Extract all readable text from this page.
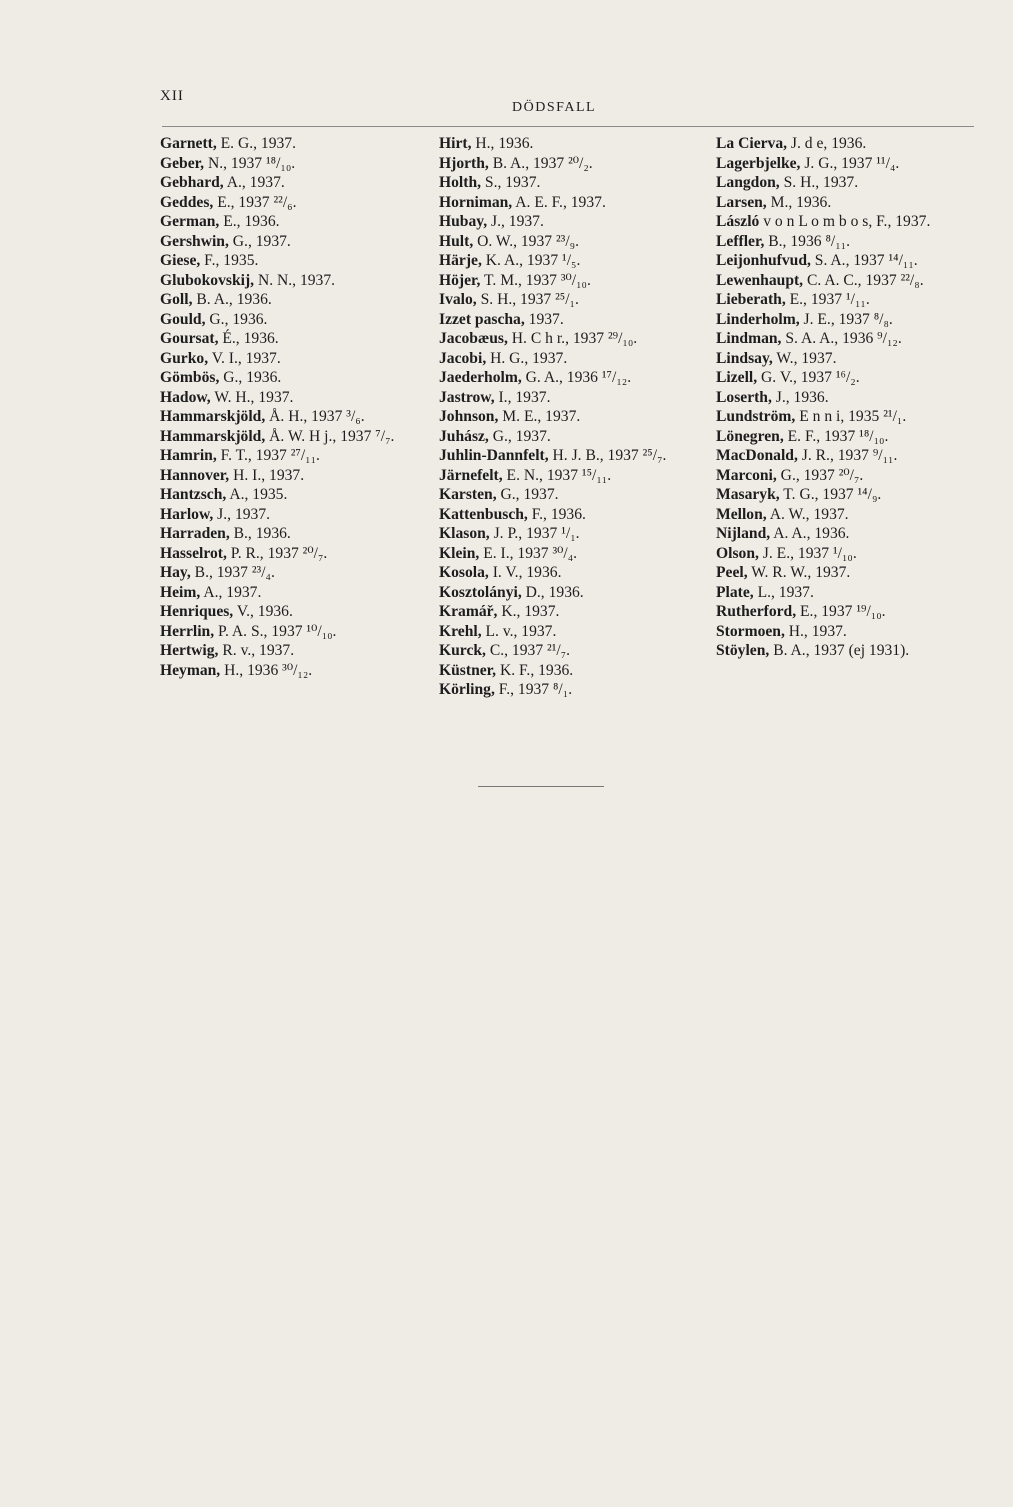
XII
DÖDSFALL

Garnett, E. G., 1937.

Geber, N., 1937 ¹⁸/₁₀.

Gebhard, A., 1937.

Geddes, E., 1937 ²²/₆.

German, E., 1936.

Gershwin, G., 1937.

Giese, F., 1935.

Glubokovskij, N. N., 1937.

Goll, B. A., 1936.

Gould, G., 1936.

Goursat, É., 1936.

Gurko, V. I., 1937.

Gömbös, G., 1936.

Hadow, W. H., 1937.

Hammarskjöld, Å. H., 1937 ³/₆.

Hammarskjöld, Å. W. H j., 1937 ⁷/₇.

Hamrin, F. T., 1937 ²⁷/₁₁.

Hannover, H. I., 1937.

Hantzsch, A., 1935.

Harlow, J., 1937.

Harraden, B., 1936.

Hasselrot, P. R., 1937 ²⁰/₇.

Hay, B., 1937 ²³/₄.

Heim, A., 1937.

Henriques, V., 1936.

Herrlin, P. A. S., 1937 ¹⁰/₁₀.

Hertwig, R. v., 1937.

Heyman, H., 1936 ³⁰/₁₂.

Hirt, H., 1936.

Hjorth, B. A., 1937 ²⁰/₂.

Holth, S., 1937.

Horniman, A. E. F., 1937.

Hubay, J., 1937.

Hult, O. W., 1937 ²³/₉.

Härje, K. A., 1937 ¹/₅.

Höjer, T. M., 1937 ³⁰/₁₀.

Ivalo, S. H., 1937 ²⁵/₁.

Izzet pascha, 1937.

Jacobæus, H. C h r., 1937 ²⁹/₁₀.

Jacobi, H. G., 1937.

Jaederholm, G. A., 1936 ¹⁷/₁₂.

Jastrow, I., 1937.

Johnson, M. E., 1937.

Juhász, G., 1937.

Juhlin-Dannfelt, H. J. B., 1937 ²⁵/₇.

Järnefelt, E. N., 1937 ¹⁵/₁₁.

Karsten, G., 1937.

Kattenbusch, F., 1936.

Klason, J. P., 1937 ¹/₁.

Klein, E. I., 1937 ³⁰/₄.

Kosola, I. V., 1936.

Kosztolányi, D., 1936.

Kramář, K., 1937.

Krehl, L. v., 1937.

Kurck, C., 1937 ²¹/₇.

Küstner, K. F., 1936.

Körling, F., 1937 ⁸/₁.

La Cierva, J. d e, 1936.

Lagerbjelke, J. G., 1937 ¹¹/₄.

Langdon, S. H., 1937.

Larsen, M., 1936.

László v o n L o m b o s, F., 1937.

Leffler, B., 1936 ⁸/₁₁.

Leijonhufvud, S. A., 1937 ¹⁴/₁₁.

Lewenhaupt, C. A. C., 1937 ²²/₈.

Lieberath, E., 1937 ¹/₁₁.

Linderholm, J. E., 1937 ⁸/₈.

Lindman, S. A. A., 1936 ⁹/₁₂.

Lindsay, W., 1937.

Lizell, G. V., 1937 ¹⁶/₂.

Loserth, J., 1936.

Lundström, E n n i, 1935 ²¹/₁.

Lönegren, E. F., 1937 ¹⁸/₁₀.

MacDonald, J. R., 1937 ⁹/₁₁.

Marconi, G., 1937 ²⁰/₇.

Masaryk, T. G., 1937 ¹⁴/₉.

Mellon, A. W., 1937.

Nijland, A. A., 1936.

Olson, J. E., 1937 ¹/₁₀.

Peel, W. R. W., 1937.

Plate, L., 1937.

Rutherford, E., 1937 ¹⁹/₁₀.

Stormoen, H., 1937.

Stöylen, B. A., 1937 (ej 1931).
